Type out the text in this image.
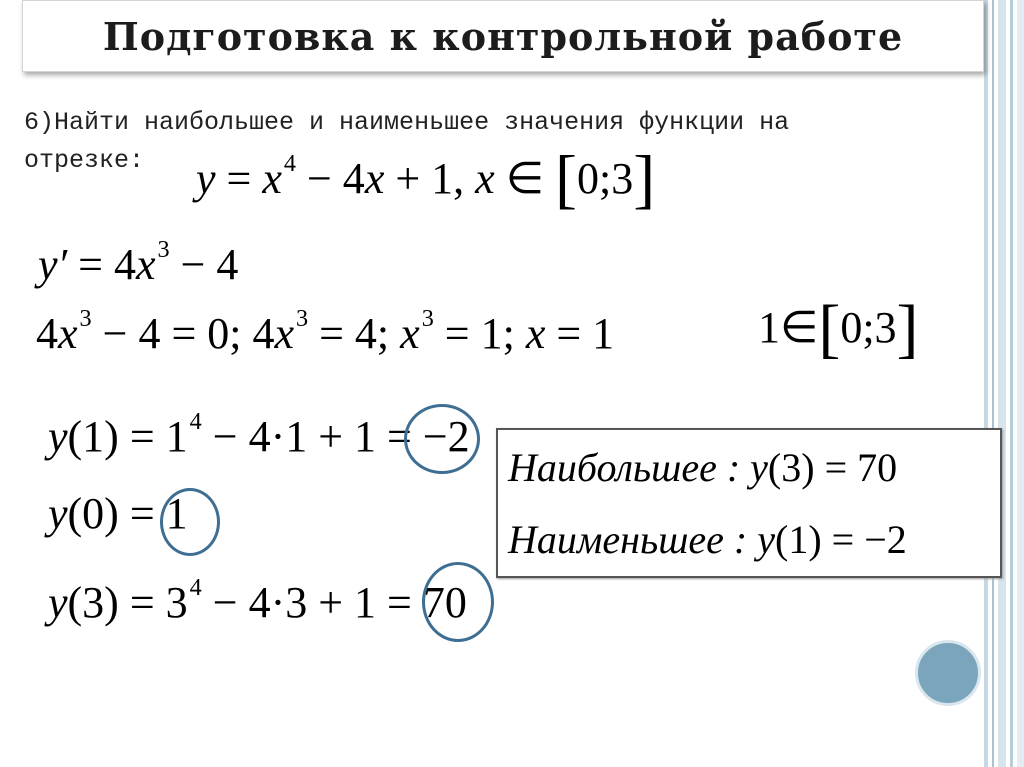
Подготовка к контрольной работе
6)Найти наибольшее и наименьшее значения функции на
отрезке:	$y = x^4 - 4x + 1$, x ∈ [0;3]
$y' = 4x^3 - 4$
$4x^3 - 4 = 0$; $4x^3 = 4$; $x^3 = 1$; x = 1	1∈[0;3]
$y(1) = 1^4 - 4\cdot 1 + 1 = -2$
y(0) = 1
$y(3) = 3^4 - 4\cdot 3 + 1 = 70$
Наибольшее : y(3) = 70
Наименьшее : y(1) = −2
